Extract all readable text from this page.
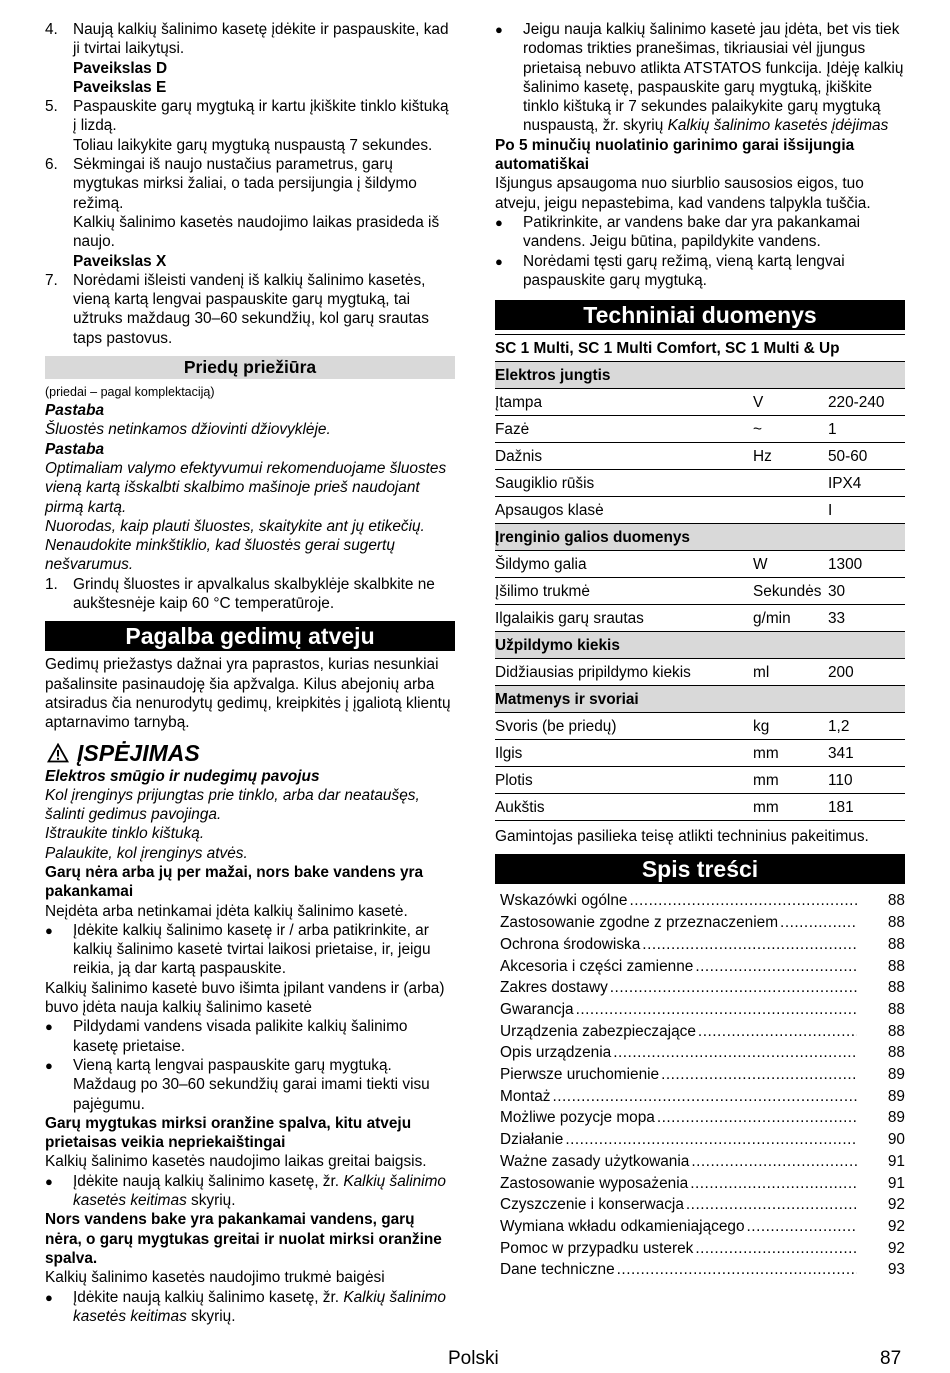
4. Naują kalkių šalinimo kasetę įdėkite ir paspauskite, kad ji tvirtai laikytųsi.

Paveikslas D

Paveikslas E

5. Paspauskite garų mygtuką ir kartu įkiškite tinklo kištuką į lizdą.

Toliau laikykite garų mygtuką nuspaustą 7 sekundes.

6. Sėkmingai iš naujo nustačius parametrus, garų mygtukas mirksi žaliai, o tada persijungia į šildymo režimą.

Kalkių šalinimo kasetės naudojimo laikas prasideda iš naujo.

Paveikslas X

7. Norėdami išleisti vandenį iš kalkių šalinimo kasetės, vieną kartą lengvai paspauskite garų mygtuką, tai užtruks maždaug 30–60 sekundžių, kol garų srautas taps pastovus.

Priedų priežiūra

(priedai – pagal komplektaciją)

Pastaba

Šluostės netinkamos džiovinti džiovyklėje.

Pastaba

Optimaliam valymo efektyvumui rekomenduojame šluostes vieną kartą išskalbti skalbimo mašinoje prieš naudojant pirmą kartą.

Nuorodas, kaip plauti šluostes, skaitykite ant jų etikečių. Nenaudokite minkštiklio, kad šluostės gerai sugertų nešvarumus.

1. Grindų šluostes ir apvalkalus skalbyklėje skalbkite ne aukštesnėje kaip 60 °C temperatūroje.

Pagalba gedimų atveju

Gedimų priežastys dažnai yra paprastos, kurias nesunkiai pašalinsite pasinaudoję šia apžvalga. Kilus abejonių arba atsiradus čia nenurodytų gedimų, kreipkitės į įgaliotą klientų aptarnavimo tarnybą.

ĮSPĖJIMAS

Elektros smūgio ir nudegimų pavojus

Kol įrenginys prijungtas prie tinklo, arba dar neataušęs, šalinti gedimus pavojinga.

Ištraukite tinklo kištuką.

Palaukite, kol įrenginys atvės.

Garų nėra arba jų per mažai, nors bake vandens yra pakankamai

Neįdėta arba netinkamai įdėta kalkių šalinimo kasetė.

●	Įdėkite kalkių šalinimo kasetę ir / arba patikrinkite, ar kalkių šalinimo kasetė tvirtai laikosi prietaise, ir, jeigu reikia, ją dar kartą paspauskite.

Kalkių šalinimo kasetė buvo išimta įpilant vandens ir (arba) buvo įdėta nauja kalkių šalinimo kasetė

●	Pildydami vandens visada palikite kalkių šalinimo kasetę prietaise.

●	Vieną kartą lengvai paspauskite garų mygtuką. Maždaug po 30–60 sekundžių garai imami tiekti visu pajėgumu.

Garų mygtukas mirksi oranžine spalva, kitu atveju prietaisas veikia nepriekaištingai

Kalkių šalinimo kasetės naudojimo laikas greitai baigsis.

●	Įdėkite naują kalkių šalinimo kasetę, žr. Kalkių šalinimo kasetės keitimas skyrių.

Nors vandens bake yra pakankamai vandens, garų nėra, o garų mygtukas greitai ir nuolat mirksi oranžine spalva.

Kalkių šalinimo kasetės naudojimo trukmė baigėsi

●	Įdėkite naują kalkių šalinimo kasetę, žr. Kalkių šalinimo kasetės keitimas skyrių.

●	Jeigu nauja kalkių šalinimo kasetė jau įdėta, bet vis tiek rodomas trikties pranešimas, tikriausiai vėl įjungus prietaisą nebuvo atlikta ATSTATOS funkcija. Įdėję kalkių šalinimo kasetę, paspauskite garų mygtuką, įkiškite tinklo kištuką ir 7 sekundes palaikykite garų mygtuką nuspaustą, žr. skyrių Kalkių šalinimo kasetės įdėjimas

Po 5 minučių nuolatinio garinimo garai išsijungia automatiškai

Išjungus apsaugoma nuo siurblio sausosios eigos, tuo atveju, jeigu nepastebima, kad vandens talpykla tuščia.

●	Patikrinkite, ar vandens bake dar yra pakankamai vandens. Jeigu būtina, papildykite vandens.

●	Norėdami tęsti garų režimą, vieną kartą lengvai paspauskite garų mygtuką.

Techniniai duomenys
SC 1 Multi, SC 1 Multi Comfort, SC 1 Multi & Up		
Elektros jungtis		
Įtampa	V	220-240
Fazė	~	1
Dažnis	Hz	50-60
Saugiklio rūšis		IPX4
Apsaugos klasė		I
Įrenginio galios duomenys		
Šildymo galia	W	1300
Įšilimo trukmė	Sekundės	30
Ilgalaikis garų srautas	g/min	33
Užpildymo kiekis		
Didžiausias pripildymo kiekis	ml	200
Matmenys ir svoriai		
Svoris (be priedų)	kg	1,2
Ilgis	mm	341
Plotis	mm	110
Aukštis	mm	181

Gamintojas pasilieka teisę atlikti techninius pakeitimus.

Spis treści
Wskazówki ogólne .....	88
Zastosowanie zgodne z przeznaczeniem .....	88
Ochrona środowiska .....	88
Akcesoria i części zamienne .....	88
Zakres dostawy .....	88
Gwarancja .....	88
Urządzenia zabezpieczające .....	88
Opis urządzenia .....	88
Pierwsze uruchomienie .....	89
Montaż .....	89
Możliwe pozycje mopa .....	89
Działanie .....	90
Ważne zasady użytkowania .....	91
Zastosowanie wyposażenia .....	91
Czyszczenie i konserwacja .....	92
Wymiana wkładu odkamieniającego .....	92
Pomoc w przypadku usterek .....	92
Dane techniczne .....	93
Polski	87
